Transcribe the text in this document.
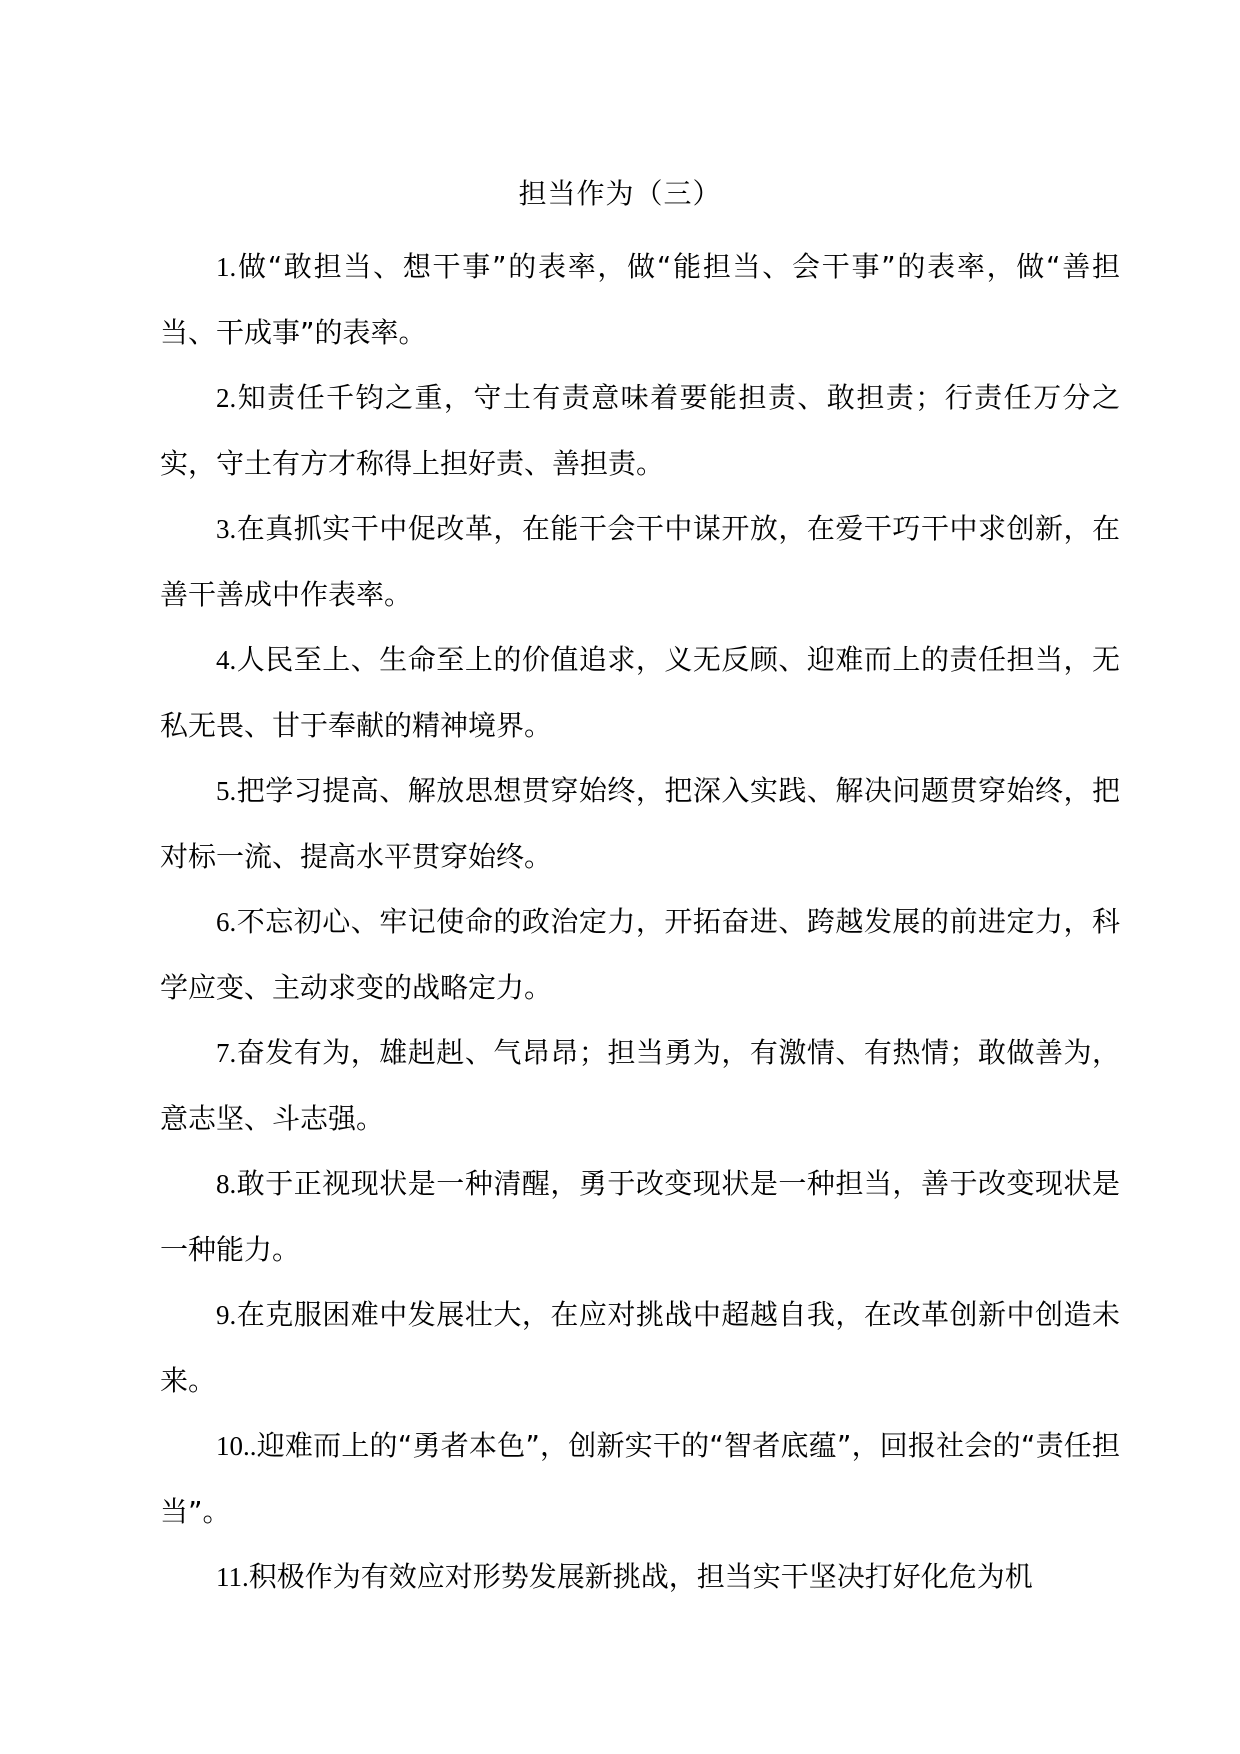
担当作为（三）

1.做“敢担当、想干事”的表率，做“能担当、会干事”的表率，做“善担当、干成事”的表率。

2.知责任千钧之重，守土有责意味着要能担责、敢担责；行责任万分之实，守土有方才称得上担好责、善担责。

3.在真抓实干中促改革，在能干会干中谋开放，在爱干巧干中求创新，在善干善成中作表率。

4.人民至上、生命至上的价值追求，义无反顾、迎难而上的责任担当，无私无畏、甘于奉献的精神境界。

5.把学习提高、解放思想贯穿始终，把深入实践、解决问题贯穿始终，把对标一流、提高水平贯穿始终。

6.不忘初心、牢记使命的政治定力，开拓奋进、跨越发展的前进定力，科学应变、主动求变的战略定力。

7.奋发有为，雄赳赳、气昂昂；担当勇为，有激情、有热情；敢做善为，意志坚、斗志强。

8.敢于正视现状是一种清醒，勇于改变现状是一种担当，善于改变现状是一种能力。

9.在克服困难中发展壮大，在应对挑战中超越自我，在改革创新中创造未来。

10..迎难而上的“勇者本色”，创新实干的“智者底蕴”，回报社会的“责任担当”。

11.积极作为有效应对形势发展新挑战，担当实干坚决打好化危为机
